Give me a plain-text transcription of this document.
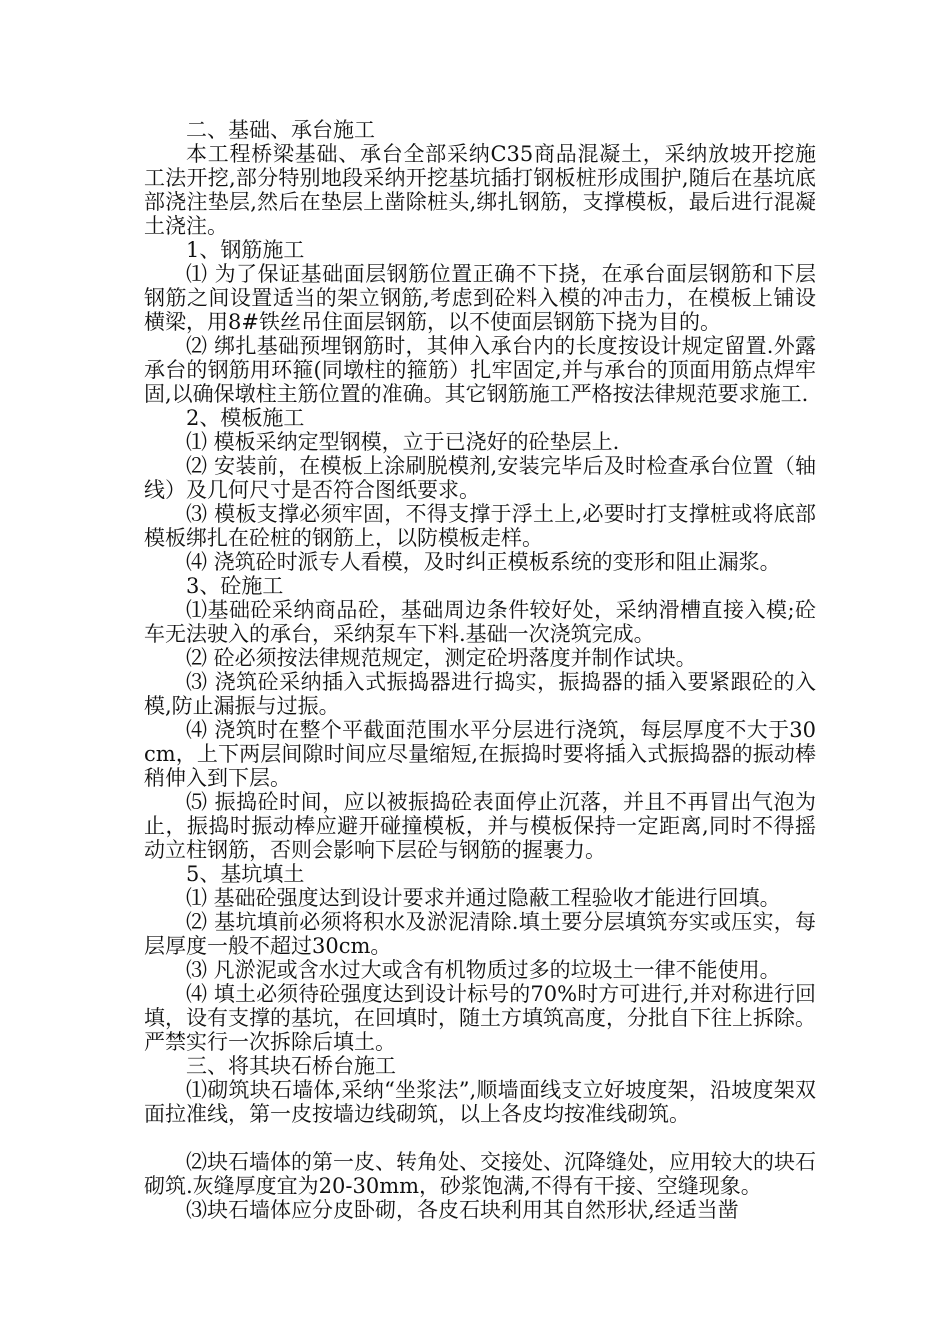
二、基础、承台施工

本工程桥梁基础、承台全部采纳C35商品混凝土，采纳放坡开挖施工法开挖,部分特别地段采纳开挖基坑插打钢板桩形成围护,随后在基坑底部浇注垫层,然后在垫层上凿除桩头,绑扎钢筋，支撑模板，最后进行混凝土浇注。

1、钢筋施工

⑴ 为了保证基础面层钢筋位置正确不下挠，在承台面层钢筋和下层钢筋之间设置适当的架立钢筋,考虑到砼料入模的冲击力，在模板上铺设横梁，用8#铁丝吊住面层钢筋，以不使面层钢筋下挠为目的。

⑵ 绑扎基础预埋钢筋时，其伸入承台内的长度按设计规定留置.外露承台的钢筋用环箍(同墩柱的箍筋）扎牢固定,并与承台的顶面用筋点焊牢固,以确保墩柱主筋位置的准确。其它钢筋施工严格按法律规范要求施工.

2、模板施工

⑴ 模板采纳定型钢模，立于已浇好的砼垫层上.

⑵ 安装前，在模板上涂刷脱模剂,安装完毕后及时检查承台位置（轴线）及几何尺寸是否符合图纸要求。

⑶ 模板支撑必须牢固，不得支撑于浮土上,必要时打支撑桩或将底部模板绑扎在砼桩的钢筋上，以防模板走样。

⑷ 浇筑砼时派专人看模，及时纠正模板系统的变形和阻止漏浆。

3、砼施工

⑴基础砼采纳商品砼，基础周边条件较好处，采纳滑槽直接入模;砼车无法驶入的承台，采纳泵车下料.基础一次浇筑完成。

⑵ 砼必须按法律规范规定，测定砼坍落度并制作试块。

⑶ 浇筑砼采纳插入式振捣器进行捣实，振捣器的插入要紧跟砼的入模,防止漏振与过振。

⑷ 浇筑时在整个平截面范围水平分层进行浇筑，每层厚度不大于30cm，上下两层间隙时间应尽量缩短,在振捣时要将插入式振捣器的振动棒稍伸入到下层。

⑸ 振捣砼时间，应以被振捣砼表面停止沉落，并且不再冒出气泡为止，振捣时振动棒应避开碰撞模板，并与模板保持一定距离,同时不得摇动立柱钢筋，否则会影响下层砼与钢筋的握裹力。

5、基坑填土

⑴ 基础砼强度达到设计要求并通过隐蔽工程验收才能进行回填。

⑵ 基坑填前必须将积水及淤泥清除.填土要分层填筑夯实或压实，每层厚度一般不超过30cm。

⑶ 凡淤泥或含水过大或含有机物质过多的垃圾土一律不能使用。

⑷ 填土必须待砼强度达到设计标号的70%时方可进行,并对称进行回填，设有支撑的基坑，在回填时，随土方填筑高度，分批自下往上拆除。严禁实行一次拆除后填土。

三、将其块石桥台施工

⑴砌筑块石墙体,采纳“坐浆法”,顺墙面线支立好坡度架，沿坡度架双面拉准线，第一皮按墙边线砌筑，以上各皮均按准线砌筑。

⑵块石墙体的第一皮、转角处、交接处、沉降缝处，应用较大的块石砌筑.灰缝厚度宜为20-30mm，砂浆饱满,不得有干接、空缝现象。

⑶块石墙体应分皮卧砌，各皮石块利用其自然形状,经适当凿
